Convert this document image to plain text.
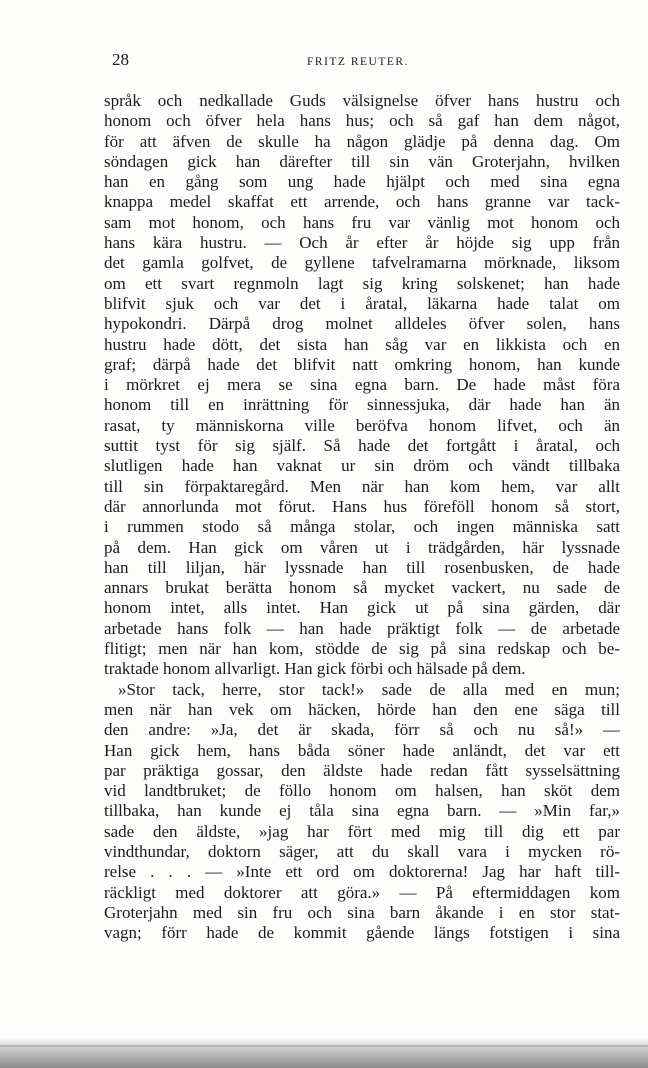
28	FRITZ REUTER.
språk och nedkallade Guds välsignelse öfver hans hustru och
honom och öfver hela hans hus; och så gaf han dem något,
för att äfven de skulle ha någon glädje på denna dag. Om
söndagen gick han därefter till sin vän Groterjahn, hvilken
han en gång som ung hade hjälpt och med sina egna
knappa medel skaffat ett arrende, och hans granne var tack-
sam mot honom, och hans fru var vänlig mot honom och
hans kära hustru. — Och år efter år höjde sig upp från
det gamla golfvet, de gyllene tafvelramarna mörknade, liksom
om ett svart regnmoln lagt sig kring solskenet; han hade
blifvit sjuk och var det i åratal, läkarna hade talat om
hypokondri. Därpå drog molnet alldeles öfver solen, hans
hustru hade dött, det sista han såg var en likkista och en
graf; därpå hade det blifvit natt omkring honom, han kunde
i mörkret ej mera se sina egna barn. De hade måst föra
honom till en inrättning för sinnessjuka, där hade han än
rasat, ty människorna ville beröfva honom lifvet, och än
suttit tyst för sig själf. Så hade det fortgått i åratal, och
slutligen hade han vaknat ur sin dröm och vändt tillbaka
till sin förpaktaregård. Men när han kom hem, var allt
där annorlunda mot förut. Hans hus föreföll honom så stort,
i rummen stodo så många stolar, och ingen människa satt
på dem. Han gick om våren ut i trädgården, här lyssnade
han till liljan, här lyssnade han till rosenbusken, de hade
annars brukat berätta honom så mycket vackert, nu sade de
honom intet, alls intet. Han gick ut på sina gärden, där
arbetade hans folk — han hade präktigt folk — de arbetade
flitigt; men när han kom, stödde de sig på sina redskap och be-
traktade honom allvarligt. Han gick förbi och hälsade på dem.
»Stor tack, herre, stor tack!» sade de alla med en mun;
men när han vek om häcken, hörde han den ene säga till
den andre: »Ja, det är skada, förr så och nu så!» —
Han gick hem, hans båda söner hade anländt, det var ett
par präktiga gossar, den äldste hade redan fått sysselsättning
vid landtbruket; de föllo honom om halsen, han sköt dem
tillbaka, han kunde ej tåla sina egna barn. — »Min far,»
sade den äldste, »jag har fört med mig till dig ett par
vindthundar, doktorn säger, att du skall vara i mycken rö-
relse . . . — »Inte ett ord om doktorerna! Jag har haft till-
räckligt med doktorer att göra.» — På eftermiddagen kom
Groterjahn med sin fru och sina barn åkande i en stor stat-
vagn; förr hade de kommit gående längs fotstigen i sina
